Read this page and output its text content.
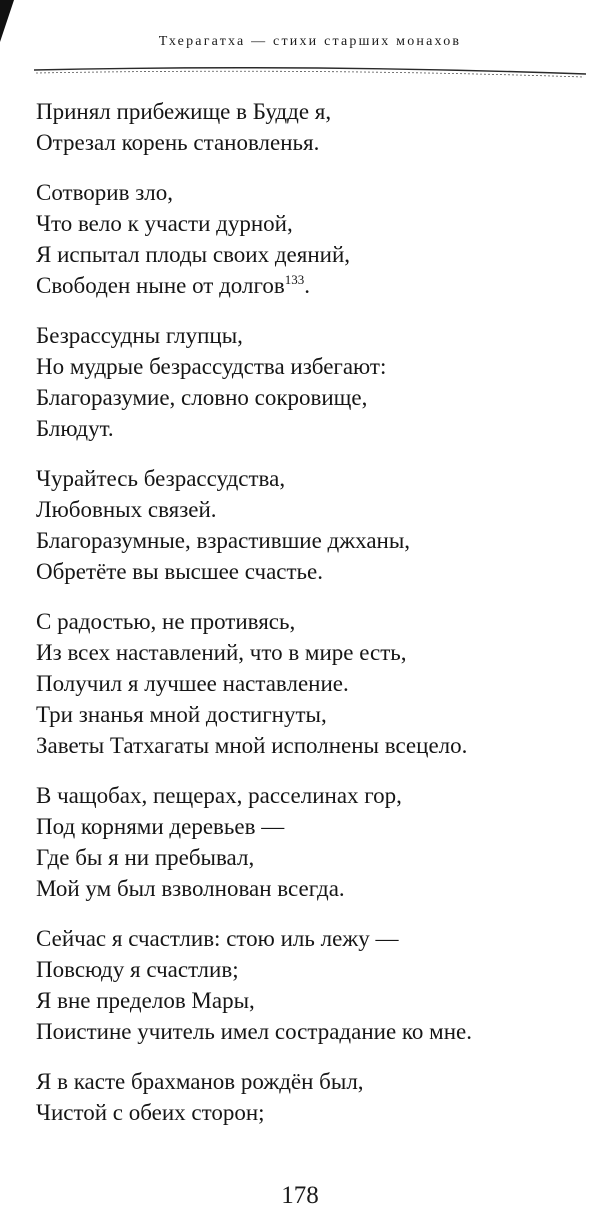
Тхерагатха — стихи старших монахов
Принял прибежище в Будде я,
Отрезал корень становленья.
Сотворив зло,
Что вело к участи дурной,
Я испытал плоды своих деяний,
Свободен ныне от долгов$^{133}$.
Безрассудны глупцы,
Но мудрые безрассудства избегают:
Благоразумие, словно сокровище,
Блюдут.
Чурайтесь безрассудства,
Любовных связей.
Благоразумные, взрастившие джханы,
Обретёте вы высшее счастье.
С радостью, не противясь,
Из всех наставлений, что в мире есть,
Получил я лучшее наставление.
Три знанья мной достигнуты,
Заветы Татхагаты мной исполнены всецело.
В чащобах, пещерах, расселинах гор,
Под корнями деревьев —
Где бы я ни пребывал,
Мой ум был взволнован всегда.
Сейчас я счастлив: стою иль лежу —
Повсюду я счастлив;
Я вне пределов Мары,
Поистине учитель имел сострадание ко мне.
Я в касте брахманов рождён был,
Чистой с обеих сторон;
178
